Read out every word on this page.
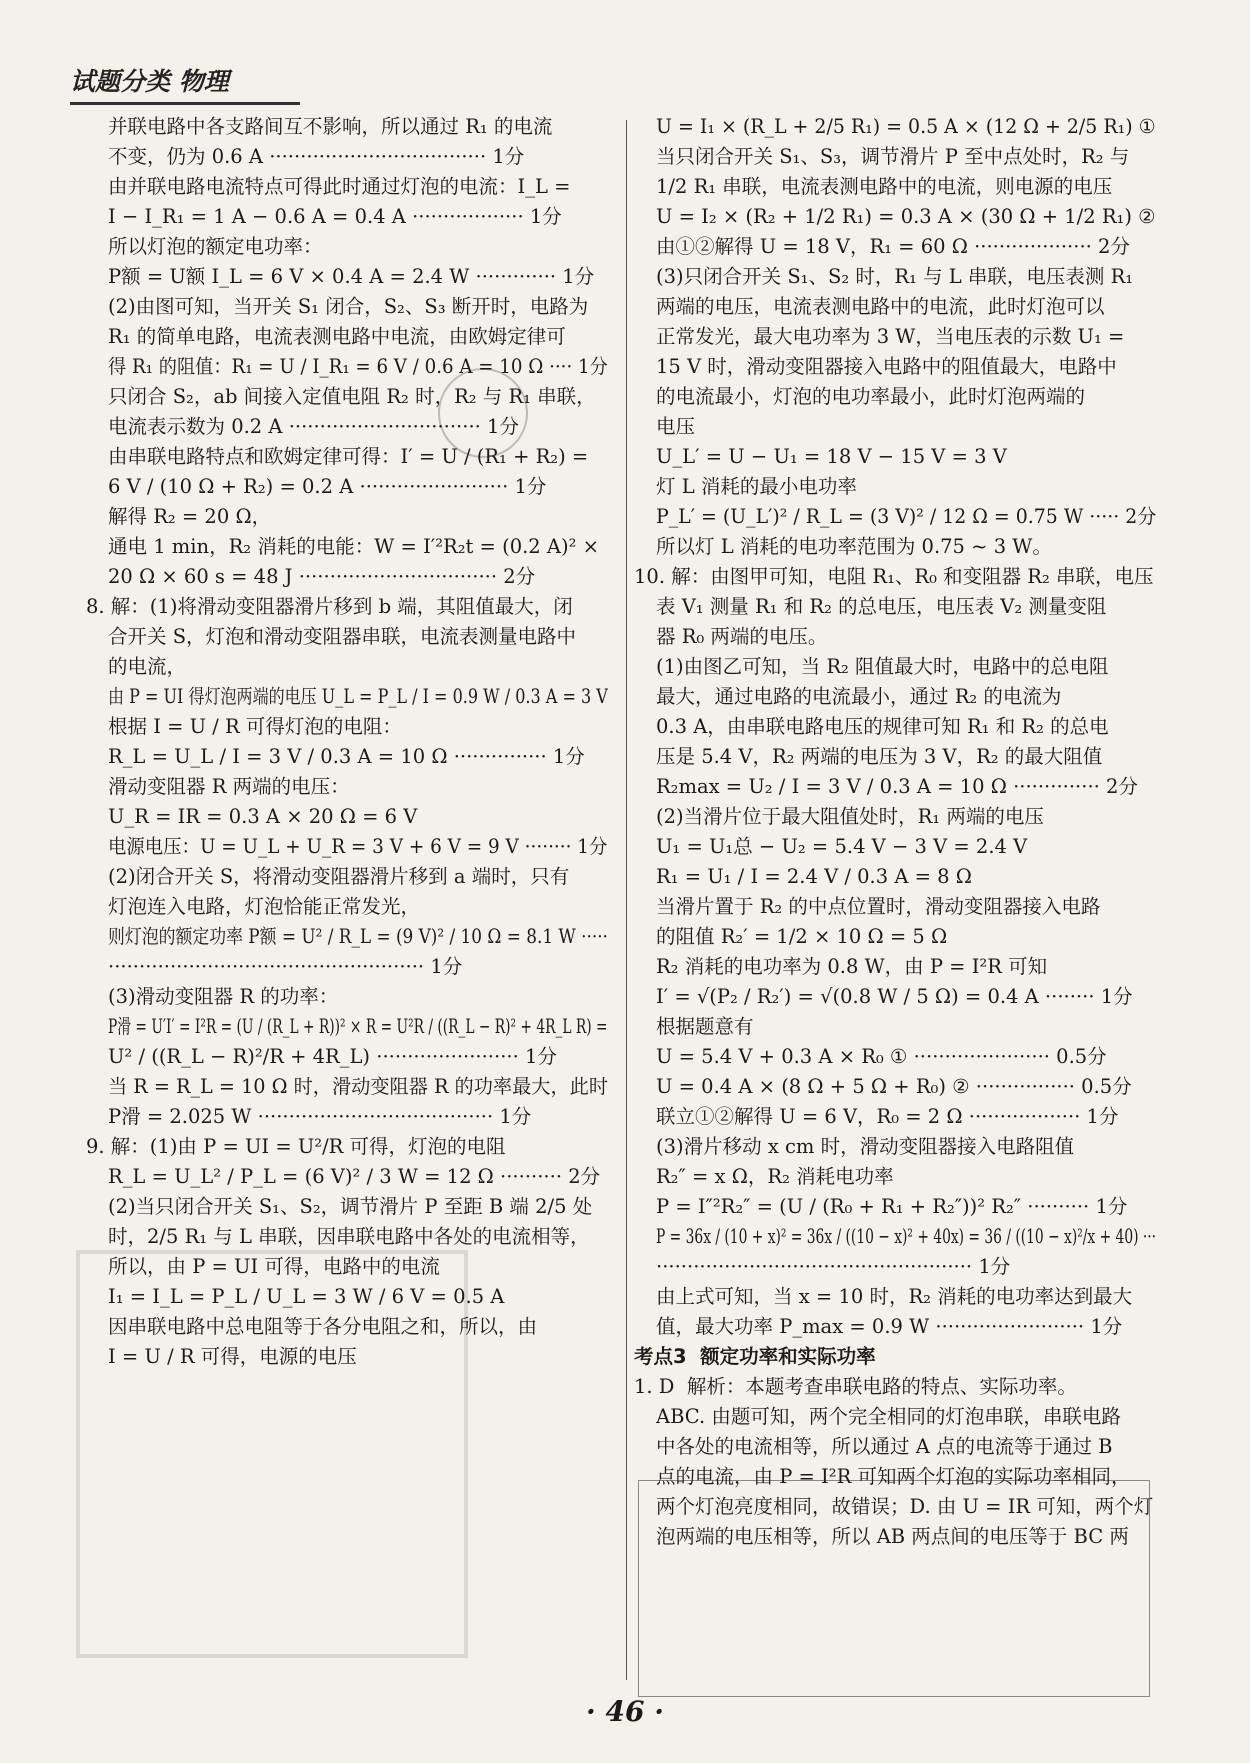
试题分类 物理
并联电路中各支路间互不影响，所以通过 R₁ 的电流
不变，仍为 0.6 A ··································· 1分
由并联电路电流特点可得此时通过灯泡的电流：I_L =
I − I_R₁ = 1 A − 0.6 A = 0.4 A ·················· 1分
所以灯泡的额定电功率：
P额 = U额 I_L = 6 V × 0.4 A = 2.4 W ············· 1分
(2)由图可知，当开关 S₁ 闭合，S₂、S₃ 断开时，电路为
R₁ 的简单电路，电流表测电路中电流，由欧姆定律可
得 R₁ 的阻值：R₁ = U / I_R₁ = 6 V / 0.6 A = 10 Ω ···· 1分
只闭合 S₂，ab 间接入定值电阻 R₂ 时，R₂ 与 R₁ 串联，
电流表示数为 0.2 A ······························· 1分
由串联电路特点和欧姆定律可得：I′ = U / (R₁ + R₂) =
6 V / (10 Ω + R₂) = 0.2 A ························ 1分
解得 R₂ = 20 Ω，
通电 1 min，R₂ 消耗的电能：W = I′²R₂t = (0.2 A)² ×
20 Ω × 60 s = 48 J ································ 2分
8. 解：(1)将滑动变阻器滑片移到 b 端，其阻值最大，闭
合开关 S，灯泡和滑动变阻器串联，电流表测量电路中
的电流，
由 P = UI 得灯泡两端的电压 U_L = P_L / I = 0.9 W / 0.3 A = 3 V
根据 I = U / R 可得灯泡的电阻：
R_L = U_L / I = 3 V / 0.3 A = 10 Ω ··············· 1分
滑动变阻器 R 两端的电压：
U_R = IR = 0.3 A × 20 Ω = 6 V
电源电压：U = U_L + U_R = 3 V + 6 V = 9 V ········ 1分
(2)闭合开关 S，将滑动变阻器滑片移到 a 端时，只有
灯泡连入电路，灯泡恰能正常发光，
则灯泡的额定功率 P额 = U² / R_L = (9 V)² / 10 Ω = 8.1 W ·····
··················································· 1分
(3)滑动变阻器 R 的功率：
P滑 = U′I′ = I²R = (U / (R_L + R))² × R = U²R / ((R_L − R)² + 4R_L R) =
U² / ((R_L − R)²/R + 4R_L) ······················· 1分
当 R = R_L = 10 Ω 时，滑动变阻器 R 的功率最大，此时
P滑 = 2.025 W ······································ 1分
9. 解：(1)由 P = UI = U²/R 可得，灯泡的电阻
R_L = U_L² / P_L = (6 V)² / 3 W = 12 Ω ·········· 2分
(2)当只闭合开关 S₁、S₂，调节滑片 P 至距 B 端 2/5 处
时，2/5 R₁ 与 L 串联，因串联电路中各处的电流相等，
所以，由 P = UI 可得，电路中的电流
I₁ = I_L = P_L / U_L = 3 W / 6 V = 0.5 A
因串联电路中总电阻等于各分电阻之和，所以，由
I = U / R 可得，电源的电压
U = I₁ × (R_L + 2/5 R₁) = 0.5 A × (12 Ω + 2/5 R₁) ①
当只闭合开关 S₁、S₃，调节滑片 P 至中点处时，R₂ 与
1/2 R₁ 串联，电流表测电路中的电流，则电源的电压
U = I₂ × (R₂ + 1/2 R₁) = 0.3 A × (30 Ω + 1/2 R₁) ②
由①②解得 U = 18 V，R₁ = 60 Ω ··················· 2分
(3)只闭合开关 S₁、S₂ 时，R₁ 与 L 串联，电压表测 R₁
两端的电压，电流表测电路中的电流，此时灯泡可以
正常发光，最大电功率为 3 W，当电压表的示数 U₁ =
15 V 时，滑动变阻器接入电路中的阻值最大，电路中
的电流最小，灯泡的电功率最小，此时灯泡两端的
电压
U_L′ = U − U₁ = 18 V − 15 V = 3 V
灯 L 消耗的最小电功率
P_L′ = (U_L′)² / R_L = (3 V)² / 12 Ω = 0.75 W ····· 2分
所以灯 L 消耗的电功率范围为 0.75 ~ 3 W。
10. 解：由图甲可知，电阻 R₁、R₀ 和变阻器 R₂ 串联，电压
表 V₁ 测量 R₁ 和 R₂ 的总电压，电压表 V₂ 测量变阻
器 R₀ 两端的电压。
(1)由图乙可知，当 R₂ 阻值最大时，电路中的总电阻
最大，通过电路的电流最小，通过 R₂ 的电流为
0.3 A，由串联电路电压的规律可知 R₁ 和 R₂ 的总电
压是 5.4 V，R₂ 两端的电压为 3 V，R₂ 的最大阻值
R₂max = U₂ / I = 3 V / 0.3 A = 10 Ω ·············· 2分
(2)当滑片位于最大阻值处时，R₁ 两端的电压
U₁ = U₁总 − U₂ = 5.4 V − 3 V = 2.4 V
R₁ = U₁ / I = 2.4 V / 0.3 A = 8 Ω
当滑片置于 R₂ 的中点位置时，滑动变阻器接入电路
的阻值 R₂′ = 1/2 × 10 Ω = 5 Ω
R₂ 消耗的电功率为 0.8 W，由 P = I²R 可知
I′ = √(P₂ / R₂′) = √(0.8 W / 5 Ω) = 0.4 A ········ 1分
根据题意有
U = 5.4 V + 0.3 A × R₀ ① ······················ 0.5分
U = 0.4 A × (8 Ω + 5 Ω + R₀) ② ················ 0.5分
联立①②解得 U = 6 V，R₀ = 2 Ω ·················· 1分
(3)滑片移动 x cm 时，滑动变阻器接入电路阻值
R₂″ = x Ω，R₂ 消耗电功率
P = I″²R₂″ = (U / (R₀ + R₁ + R₂″))² R₂″ ·········· 1分
P = 36x / (10 + x)² = 36x / ((10 − x)² + 40x) = 36 / ((10 − x)²/x + 40) ···
··················································· 1分
由上式可知，当 x = 10 时，R₂ 消耗的电功率达到最大
值，最大功率 P_max = 0.9 W ························ 1分
考点3  额定功率和实际功率
1. D  解析：本题考查串联电路的特点、实际功率。
ABC. 由题可知，两个完全相同的灯泡串联，串联电路
中各处的电流相等，所以通过 A 点的电流等于通过 B
点的电流，由 P = I²R 可知两个灯泡的实际功率相同，
两个灯泡亮度相同，故错误；D. 由 U = IR 可知，两个灯
泡两端的电压相等，所以 AB 两点间的电压等于 BC 两
· 46 ·
